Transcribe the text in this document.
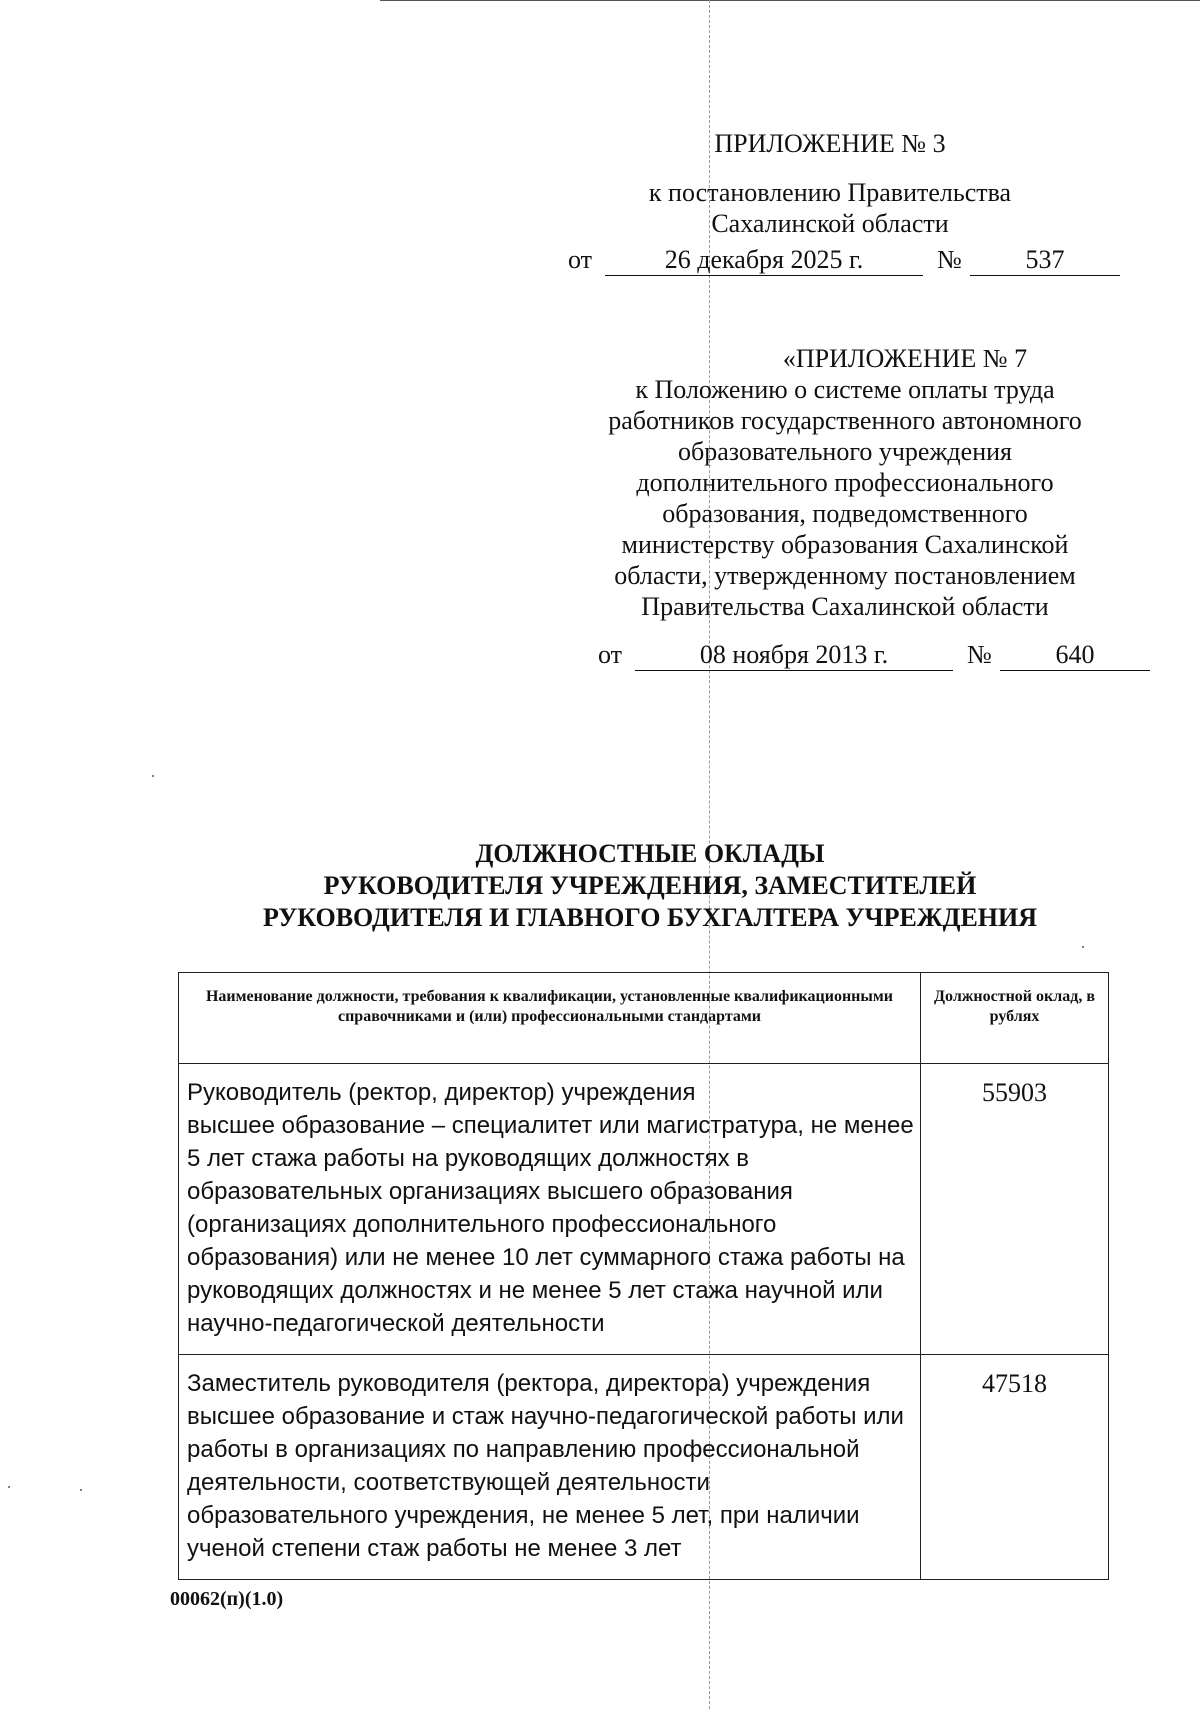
ПРИЛОЖЕНИЕ № 3
к постановлению Правительства
Сахалинской области
от	26 декабря 2025 г.	№	537
«ПРИЛОЖЕНИЕ № 7
к Положению о системе оплаты труда
работников государственного автономного
образовательного учреждения
дополнительного профессионального
образования, подведомственного
министерству образования Сахалинской
области, утвержденному постановлением
Правительства Сахалинской области
от	08 ноября 2013 г.	№	640
ДОЛЖНОСТНЫЕ ОКЛАДЫ
РУКОВОДИТЕЛЯ УЧРЕЖДЕНИЯ, ЗАМЕСТИТЕЛЕЙ
РУКОВОДИТЕЛЯ И ГЛАВНОГО БУХГАЛТЕРА УЧРЕЖДЕНИЯ
Наименование должности, требования к квалификации, установленные квалификационными справочниками и (или) профессиональными стандартами	Должностной оклад, в рублях

Руководитель (ректор, директор) учреждения
высшее образование – специалитет или магистратура, не менее 5 лет стажа работы на руководящих должностях в образовательных организациях высшего образования (организациях дополнительного профессионального образования) или не менее 10 лет суммарного стажа работы на руководящих должностях и не менее 5 лет стажа научной или научно-педагогической деятельности	55903

Заместитель руководителя (ректора, директора) учреждения
высшее образование и стаж научно-педагогической работы или работы в организациях по направлению профессиональной деятельности, соответствующей деятельности образовательного учреждения, не менее 5 лет, при наличии ученой степени стаж работы не менее 3 лет	47518
00062(п)(1.0)
